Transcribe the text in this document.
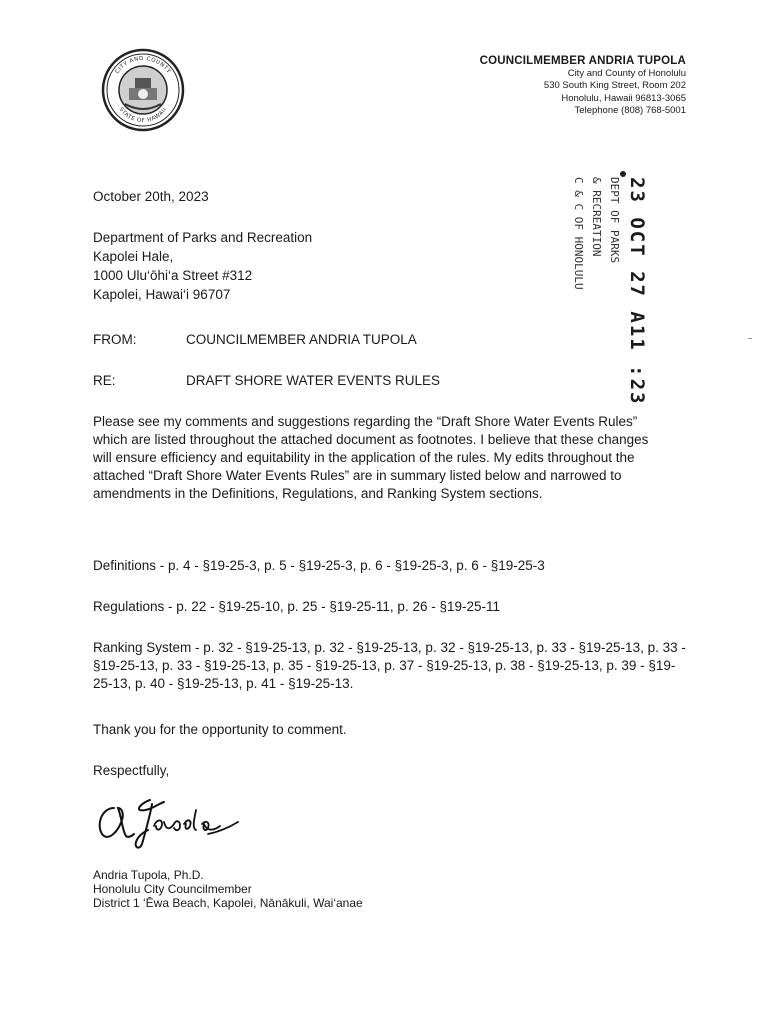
CITY AND COUNTY
STATE OF HAWAII
COUNCILMEMBER ANDRIA TUPOLA
City and County of Honolulu
530 South King Street, Room 202
Honolulu, Hawaii 96813-3065
Telephone (808) 768-5001
23 OCT 27 A11 :23
DEPT OF PARKS
& RECREATION
C & C OF HONOLULU
October 20th, 2023
Department of Parks and Recreation
Kapolei Hale,
1000 Ulu‘ōhi‘a Street #312
Kapolei, Hawai‘i 96707
FROM:	COUNCILMEMBER ANDRIA TUPOLA
RE:	DRAFT SHORE WATER EVENTS RULES
Please see my comments and suggestions regarding the “Draft Shore Water Events Rules” which are listed throughout the attached document as footnotes. I believe that these changes will ensure efficiency and equitability in the application of the rules. My edits throughout the attached “Draft Shore Water Events Rules” are in summary listed below and narrowed to amendments in the Definitions, Regulations, and Ranking System sections.
Definitions - p. 4 - §19-25-3, p. 5 - §19-25-3, p. 6 - §19-25-3, p. 6 - §19-25-3
Regulations - p. 22 - §19-25-10, p. 25 - §19-25-11, p. 26 - §19-25-11
Ranking System - p. 32 - §19-25-13, p. 32 - §19-25-13, p. 32 - §19-25-13, p. 33 - §19-25-13, p. 33 - §19-25-13, p. 33 - §19-25-13, p. 35 - §19-25-13, p. 37 - §19-25-13, p. 38 - §19-25-13, p. 39 - §19-25-13, p. 40 - §19-25-13, p. 41 - §19-25-13.
Thank you for the opportunity to comment.
Respectfully,
Andria Tupola, Ph.D.
Honolulu City Councilmember
District 1 ‘Ēwa Beach, Kapolei, Nānākuli, Wai‘anae
